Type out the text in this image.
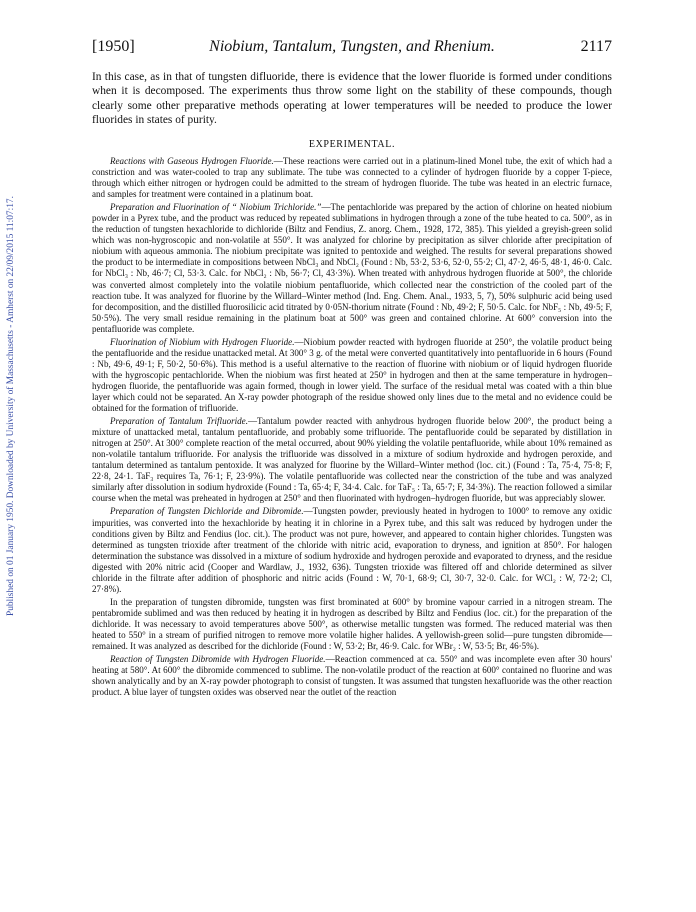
Published on 01 January 1950. Downloaded by University of Massachusetts - Amherst on 22/09/2015 11:07:17.
[1950]	Niobium, Tantalum, Tungsten, and Rhenium.	2117

In this case, as in that of tungsten difluoride, there is evidence that the lower fluoride is formed under conditions when it is decomposed. The experiments thus throw some light on the stability of these compounds, though clearly some other preparative methods operating at lower temperatures will be needed to produce the lower fluorides in states of purity.

EXPERIMENTAL.

Reactions with Gaseous Hydrogen Fluoride.—These reactions were carried out in a platinum-lined Monel tube, the exit of which had a constriction and was water-cooled to trap any sublimate. The tube was connected to a cylinder of hydrogen fluoride by a copper T-piece, through which either nitrogen or hydrogen could be admitted to the stream of hydrogen fluoride. The tube was heated in an electric furnace, and samples for treatment were contained in a platinum boat.

Preparation and Fluorination of “ Niobium Trichloride.”—The pentachloride was prepared by the action of chlorine on heated niobium powder in a Pyrex tube, and the product was reduced by repeated sublimations in hydrogen through a zone of the tube heated to ca. 500°, as in the reduction of tungsten hexachloride to dichloride (Biltz and Fendius, Z. anorg. Chem., 1928, 172, 385). This yielded a greyish-green solid which was non-hygroscopic and non-volatile at 550°. It was analyzed for chlorine by precipitation as silver chloride after precipitation of niobium with aqueous ammonia. The niobium precipitate was ignited to pentoxide and weighed. The results for several preparations showed the product to be intermediate in compositions between NbCl₃ and NbCl₂ (Found : Nb, 53·2, 53·6, 52·0, 55·2; Cl, 47·2, 46·5, 48·1, 46·0. Calc. for NbCl₃ : Nb, 46·7; Cl, 53·3. Calc. for NbCl₂ : Nb, 56·7; Cl, 43·3%). When treated with anhydrous hydrogen fluoride at 500°, the chloride was converted almost completely into the volatile niobium pentafluoride, which collected near the constriction of the cooled part of the reaction tube. It was analyzed for fluorine by the Willard–Winter method (Ind. Eng. Chem. Anal., 1933, 5, 7), 50% sulphuric acid being used for decomposition, and the distilled fluorosilicic acid titrated by 0·05N-thorium nitrate (Found : Nb, 49·2; F, 50·5. Calc. for NbF₅ : Nb, 49·5; F, 50·5%). The very small residue remaining in the platinum boat at 500° was green and contained chlorine. At 600° conversion into the pentafluoride was complete.

Fluorination of Niobium with Hydrogen Fluoride.—Niobium powder reacted with hydrogen fluoride at 250°, the volatile product being the pentafluoride and the residue unattacked metal. At 300° 3 g. of the metal were converted quantitatively into pentafluoride in 6 hours (Found : Nb, 49·6, 49·1; F, 50·2, 50·6%). This method is a useful alternative to the reaction of fluorine with niobium or of liquid hydrogen fluoride with the hygroscopic pentachloride. When the niobium was first heated at 250° in hydrogen and then at the same temperature in hydrogen–hydrogen fluoride, the pentafluoride was again formed, though in lower yield. The surface of the residual metal was coated with a thin blue layer which could not be separated. An X-ray powder photograph of the residue showed only lines due to the metal and no evidence could be obtained for the formation of trifluoride.

Preparation of Tantalum Trifluoride.—Tantalum powder reacted with anhydrous hydrogen fluoride below 200°, the product being a mixture of unattacked metal, tantalum pentafluoride, and probably some trifluoride. The pentafluoride could be separated by distillation in nitrogen at 250°. At 300° complete reaction of the metal occurred, about 90% yielding the volatile pentafluoride, while about 10% remained as non-volatile tantalum trifluoride. For analysis the trifluoride was dissolved in a mixture of sodium hydroxide and hydrogen peroxide, and tantalum determined as tantalum pentoxide. It was analyzed for fluorine by the Willard–Winter method (loc. cit.) (Found : Ta, 75·4, 75·8; F, 22·8, 24·1. TaF₃ requires Ta, 76·1; F, 23·9%). The volatile pentafluoride was collected near the constriction of the tube and was analyzed similarly after dissolution in sodium hydroxide (Found : Ta, 65·4; F, 34·4. Calc. for TaF₅ : Ta, 65·7; F, 34·3%). The reaction followed a similar course when the metal was preheated in hydrogen at 250° and then fluorinated with hydrogen–hydrogen fluoride, but was appreciably slower.

Preparation of Tungsten Dichloride and Dibromide.—Tungsten powder, previously heated in hydrogen to 1000° to remove any oxidic impurities, was converted into the hexachloride by heating it in chlorine in a Pyrex tube, and this salt was reduced by hydrogen under the conditions given by Biltz and Fendius (loc. cit.). The product was not pure, however, and appeared to contain higher chlorides. Tungsten was determined as tungsten trioxide after treatment of the chloride with nitric acid, evaporation to dryness, and ignition at 850°. For halogen determination the substance was dissolved in a mixture of sodium hydroxide and hydrogen peroxide and evaporated to dryness, and the residue digested with 20% nitric acid (Cooper and Wardlaw, J., 1932, 636). Tungsten trioxide was filtered off and chloride determined as silver chloride in the filtrate after addition of phosphoric and nitric acids (Found : W, 70·1, 68·9; Cl, 30·7, 32·0. Calc. for WCl₂ : W, 72·2; Cl, 27·8%).

In the preparation of tungsten dibromide, tungsten was first brominated at 600° by bromine vapour carried in a nitrogen stream. The pentabromide sublimed and was then reduced by heating it in hydrogen as described by Biltz and Fendius (loc. cit.) for the preparation of the dichloride. It was necessary to avoid temperatures above 500°, as otherwise metallic tungsten was formed. The reduced material was then heated to 550° in a stream of purified nitrogen to remove more volatile higher halides. A yellowish-green solid—pure tungsten dibromide—remained. It was analyzed as described for the dichloride (Found : W, 53·2; Br, 46·9. Calc. for WBr₂ : W, 53·5; Br, 46·5%).

Reaction of Tungsten Dibromide with Hydrogen Fluoride.—Reaction commenced at ca. 550° and was incomplete even after 30 hours' heating at 580°. At 600° the dibromide commenced to sublime. The non-volatile product of the reaction at 600° contained no fluorine and was shown analytically and by an X-ray powder photograph to consist of tungsten. It was assumed that tungsten hexafluoride was the other reaction product. A blue layer of tungsten oxides was observed near the outlet of the reaction
